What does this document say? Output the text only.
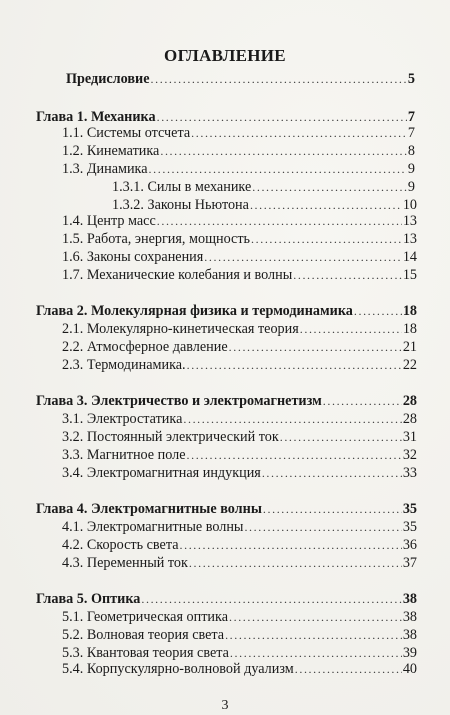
ОГЛАВЛЕНИЕ
Предисловие .....	5
Глава 1. Механика .....	7
1.1. Системы отсчета .....	7
1.2. Кинематика .....	8
1.3. Динамика .....	9
1.3.1. Силы в механике .....	9
1.3.2. Законы Ньютона .....	10
1.4. Центр масс .....	13
1.5. Работа, энергия, мощность .....	13
1.6. Законы сохранения .....	14
1.7. Механические колебания и волны .....	15
Глава 2. Молекулярная физика и термодинамика .....	18
2.1. Молекулярно-кинетическая теория .....	18
2.2. Атмосферное давление .....	21
2.3. Термодинамика. .....	22
Глава 3. Электричество и электромагнетизм .....	28
3.1. Электростатика .....	28
3.2. Постоянный электрический ток .....	31
3.3. Магнитное поле .....	32
3.4. Электромагнитная индукция .....	33
Глава 4. Электромагнитные волны .....	35
4.1. Электромагнитные волны .....	35
4.2. Скорость света .....	36
4.3. Переменный ток .....	37
Глава 5. Оптика .....	38
5.1. Геометрическая оптика .....	38
5.2. Волновая теория света .....	38
5.3. Квантовая теория света .....	39
5.4. Корпускулярно-волновой дуализм .....	40
3
